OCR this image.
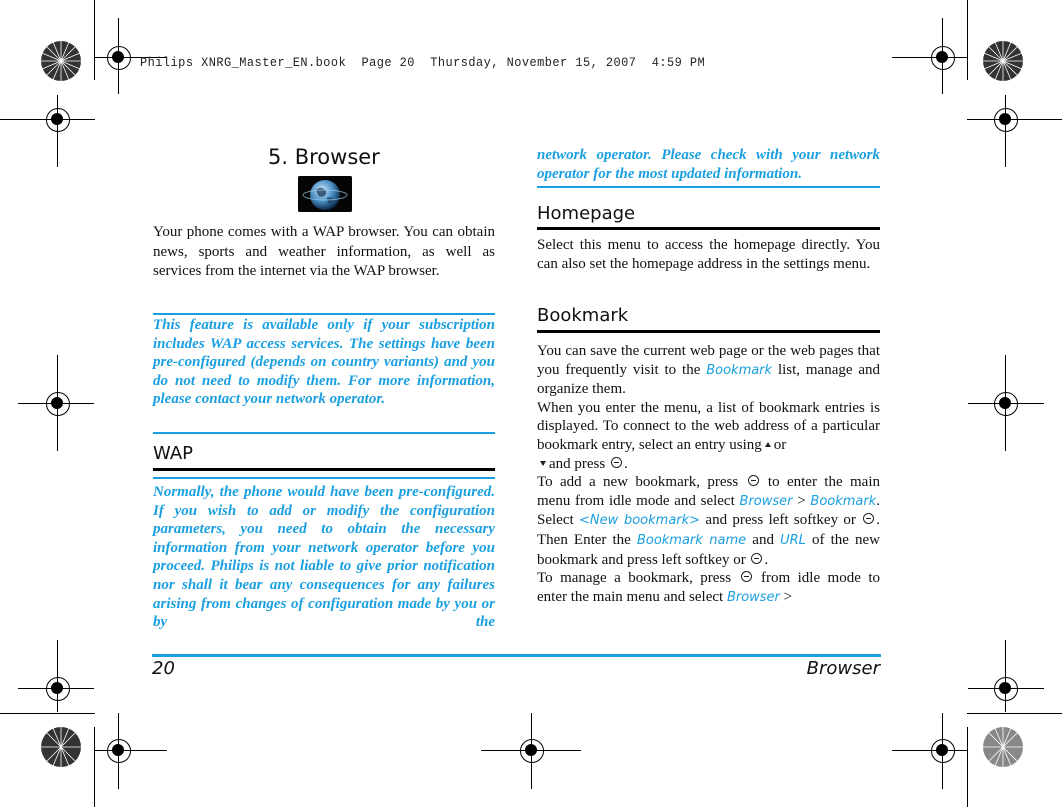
Philips XNRG_Master_EN.book  Page 20  Thursday, November 15, 2007  4:59 PM
5. Browser
Your phone comes with a WAP browser. You can obtain news, sports and weather information, as well as services from the internet via the WAP browser.
This feature is available only if your subscription includes WAP access services. The settings have been pre-configured (depends on country variants) and you do not need to modify them. For more information, please contact your network operator.
WAP
Normally, the phone would have been pre-configured. If you wish to add or modify the configuration parameters, you need to obtain the necessary information from your network operator before you proceed. Philips is not liable to give prior notification nor shall it bear any consequences for any failures arising from changes of configuration made by you or by the
network operator. Please check with your network operator for the most updated information.
Homepage
Select this menu to access the homepage directly. You can also set the homepage address in the settings menu.
Bookmark
You can save the current web page or the web pages that you frequently visit to the Bookmark list, manage and organize them.
When you enter the menu, a list of bookmark entries is displayed. To connect to the web address of a particular bookmark entry, select an entry using or
and press .
To add a new bookmark, press to enter the main menu from idle mode and select Browser > Bookmark. Select <New bookmark> and press left softkey or . Then Enter the Bookmark name and URL of the new bookmark and press left softkey or .
To manage a bookmark, press from idle mode to enter the main menu and select Browser >
20	Browser
